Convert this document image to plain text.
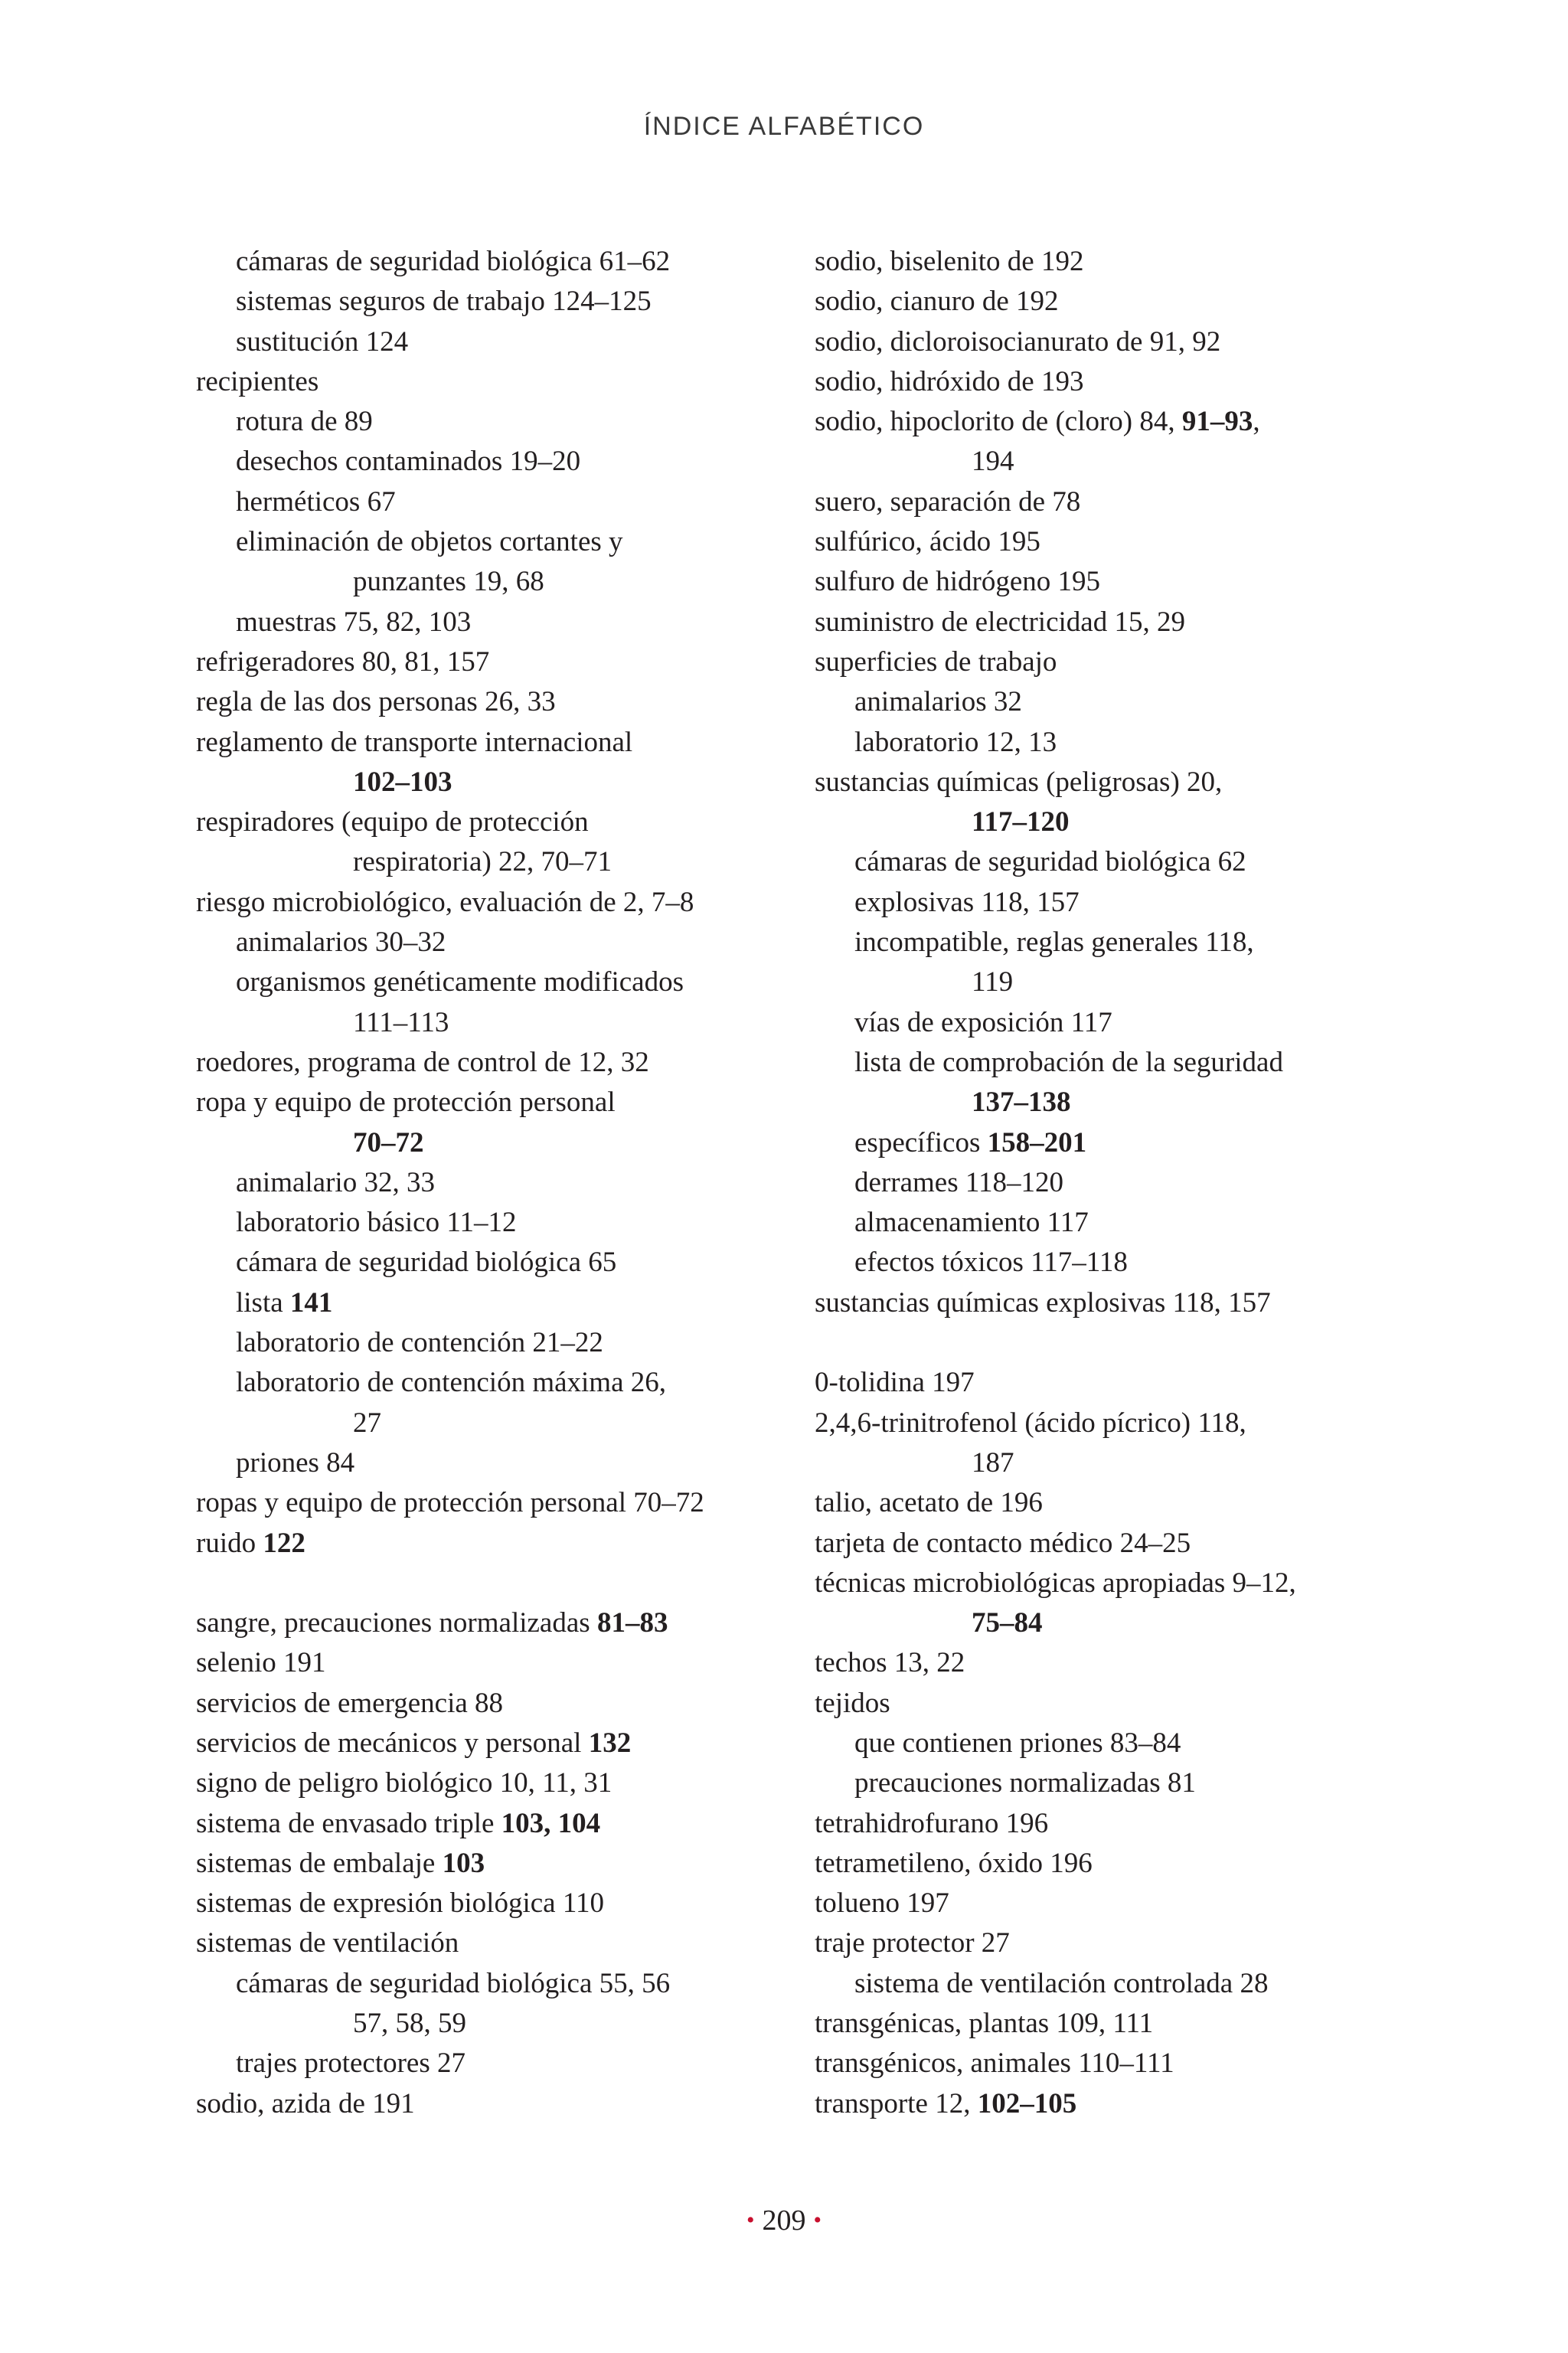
ÍNDICE ALFABÉTICO
cámaras de seguridad biológica 61–62
sistemas seguros de trabajo 124–125
sustitución 124
recipientes
rotura de 89
desechos contaminados 19–20
herméticos 67
eliminación de objetos cortantes y
punzantes 19, 68
muestras 75, 82, 103
refrigeradores 80, 81, 157
regla de las dos personas 26, 33
reglamento de transporte internacional
102–103
respiradores (equipo de protección
respiratoria) 22, 70–71
riesgo microbiológico, evaluación de 2, 7–8
animalarios 30–32
organismos genéticamente modificados
111–113
roedores, programa de control de 12, 32
ropa y equipo de protección personal
70–72
animalario 32, 33
laboratorio básico 11–12
cámara de seguridad biológica 65
lista 141
laboratorio de contención 21–22
laboratorio de contención máxima 26,
27
priones 84
ropas y equipo de protección personal 70–72
ruido 122
sangre, precauciones normalizadas 81–83
selenio 191
servicios de emergencia 88
servicios de mecánicos y personal 132
signo de peligro biológico 10, 11, 31
sistema de envasado triple 103, 104
sistemas de embalaje 103
sistemas de expresión biológica 110
sistemas de ventilación
cámaras de seguridad biológica 55, 56
57, 58, 59
trajes protectores 27
sodio, azida de 191
sodio, biselenito de 192
sodio, cianuro de 192
sodio, dicloroisocianurato de 91, 92
sodio, hidróxido de 193
sodio, hipoclorito de (cloro) 84, 91–93,
194
suero, separación de 78
sulfúrico, ácido 195
sulfuro de hidrógeno 195
suministro de electricidad 15, 29
superficies de trabajo
animalarios 32
laboratorio 12, 13
sustancias químicas (peligrosas) 20,
117–120
cámaras de seguridad biológica 62
explosivas 118, 157
incompatible, reglas generales 118,
119
vías de exposición 117
lista de comprobación de la seguridad
137–138
específicos 158–201
derrames 118–120
almacenamiento 117
efectos tóxicos 117–118
sustancias químicas explosivas 118, 157
0-tolidina 197
2,4,6-trinitrofenol (ácido pícrico) 118,
187
talio, acetato de 196
tarjeta de contacto médico 24–25
técnicas microbiológicas apropiadas 9–12,
75–84
techos 13, 22
tejidos
que contienen priones 83–84
precauciones normalizadas 81
tetrahidrofurano 196
tetrametileno, óxido 196
tolueno 197
traje protector 27
sistema de ventilación controlada 28
transgénicas, plantas 109, 111
transgénicos, animales 110–111
transporte 12, 102–105
• 209 •
